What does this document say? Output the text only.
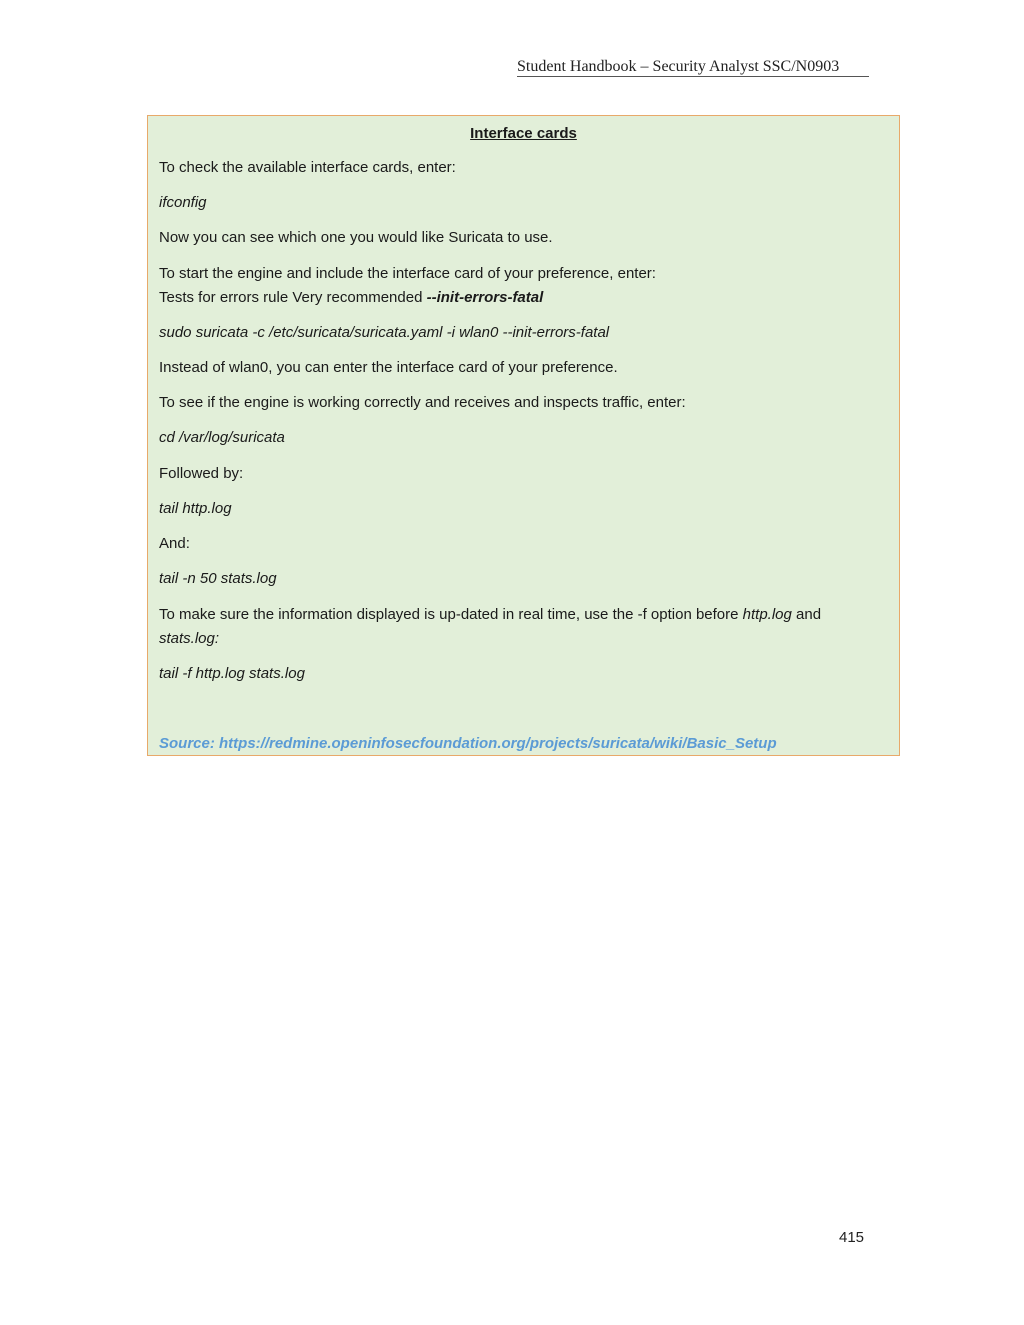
Student Handbook – Security Analyst SSC/N0903
Interface cards
To check the available interface cards, enter:
ifconfig
Now you can see which one you would like Suricata to use.
To start the engine and include the interface card of your preference, enter:
Tests for errors rule Very recommended --init-errors-fatal
sudo suricata -c /etc/suricata/suricata.yaml -i wlan0 --init-errors-fatal
Instead of wlan0, you can enter the interface card of your preference.
To see if the engine is working correctly and receives and inspects traffic, enter:
cd /var/log/suricata
Followed by:
tail http.log
And:
tail -n 50 stats.log
To make sure the information displayed is up-dated in real time, use the -f option before http.log and
stats.log:
tail -f http.log stats.log
Source: https://redmine.openinfosecfoundation.org/projects/suricata/wiki/Basic_Setup
415
